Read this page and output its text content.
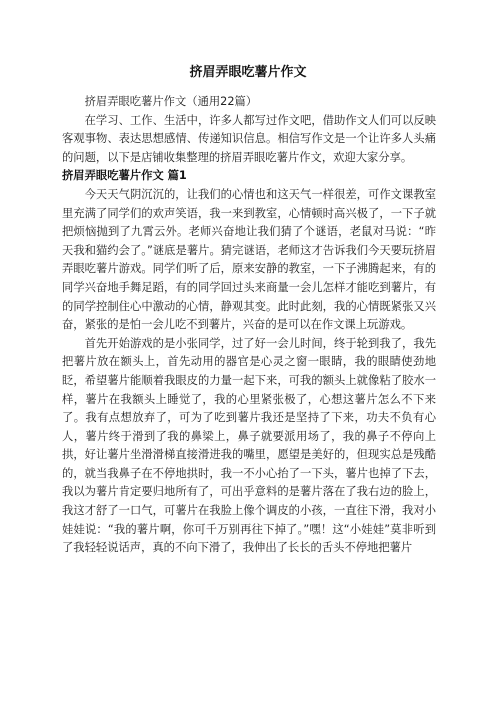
挤眉弄眼吃薯片作文

挤眉弄眼吃薯片作文（通用22篇）

在学习、工作、生活中，许多人都写过作文吧，借助作文人们可以反映客观事物、表达思想感情、传递知识信息。相信写作文是一个让许多人头痛的问题，以下是店铺收集整理的挤眉弄眼吃薯片作文，欢迎大家分享。

挤眉弄眼吃薯片作文 篇1

今天天气阴沉沉的，让我们的心情也和这天气一样很差，可作文课教室里充满了同学们的欢声笑语，我一来到教室，心情顿时高兴极了，一下子就把烦恼抛到了九霄云外。老师兴奋地让我们猜了个谜语，老鼠对马说：“昨天我和猫约会了。”谜底是薯片。猜完谜语，老师这才告诉我们今天要玩挤眉弄眼吃薯片游戏。同学们听了后，原来安静的教室，一下子沸腾起来，有的同学兴奋地手舞足蹈，有的同学回过头来商量一会儿怎样才能吃到薯片，有的同学控制住心中激动的心情，静观其变。此时此刻，我的心情既紧张又兴奋，紧张的是怕一会儿吃不到薯片，兴奋的是可以在作文课上玩游戏。

首先开始游戏的是小张同学，过了好一会儿时间，终于轮到我了，我先把薯片放在额头上，首先动用的器官是心灵之窗一眼睛，我的眼睛使劲地眨，希望薯片能顺着我眼皮的力量一起下来，可我的额头上就像粘了胶水一样，薯片在我额头上睡觉了，我的心里紧张极了，心想这薯片怎么不下来了。我有点想放弃了，可为了吃到薯片我还是坚持了下来，功夫不负有心人，薯片终于滑到了我的鼻梁上，鼻子就要派用场了，我的鼻子不停向上拱，好让薯片坐滑滑梯直接滑进我的嘴里，愿望是美好的，但现实总是残酷的，就当我鼻子在不停地拱时，我一不小心抬了一下头，薯片也掉了下去，我以为薯片肯定要归地所有了，可出乎意料的是薯片落在了我右边的脸上，我这才舒了一口气，可薯片在我脸上像个调皮的小孩，一直往下滑，我对小娃娃说：“我的薯片啊，你可千万别再往下掉了。”嘿！这“小娃娃”莫非听到了我轻轻说话声，真的不向下滑了，我伸出了长长的舌头不停地把薯片
